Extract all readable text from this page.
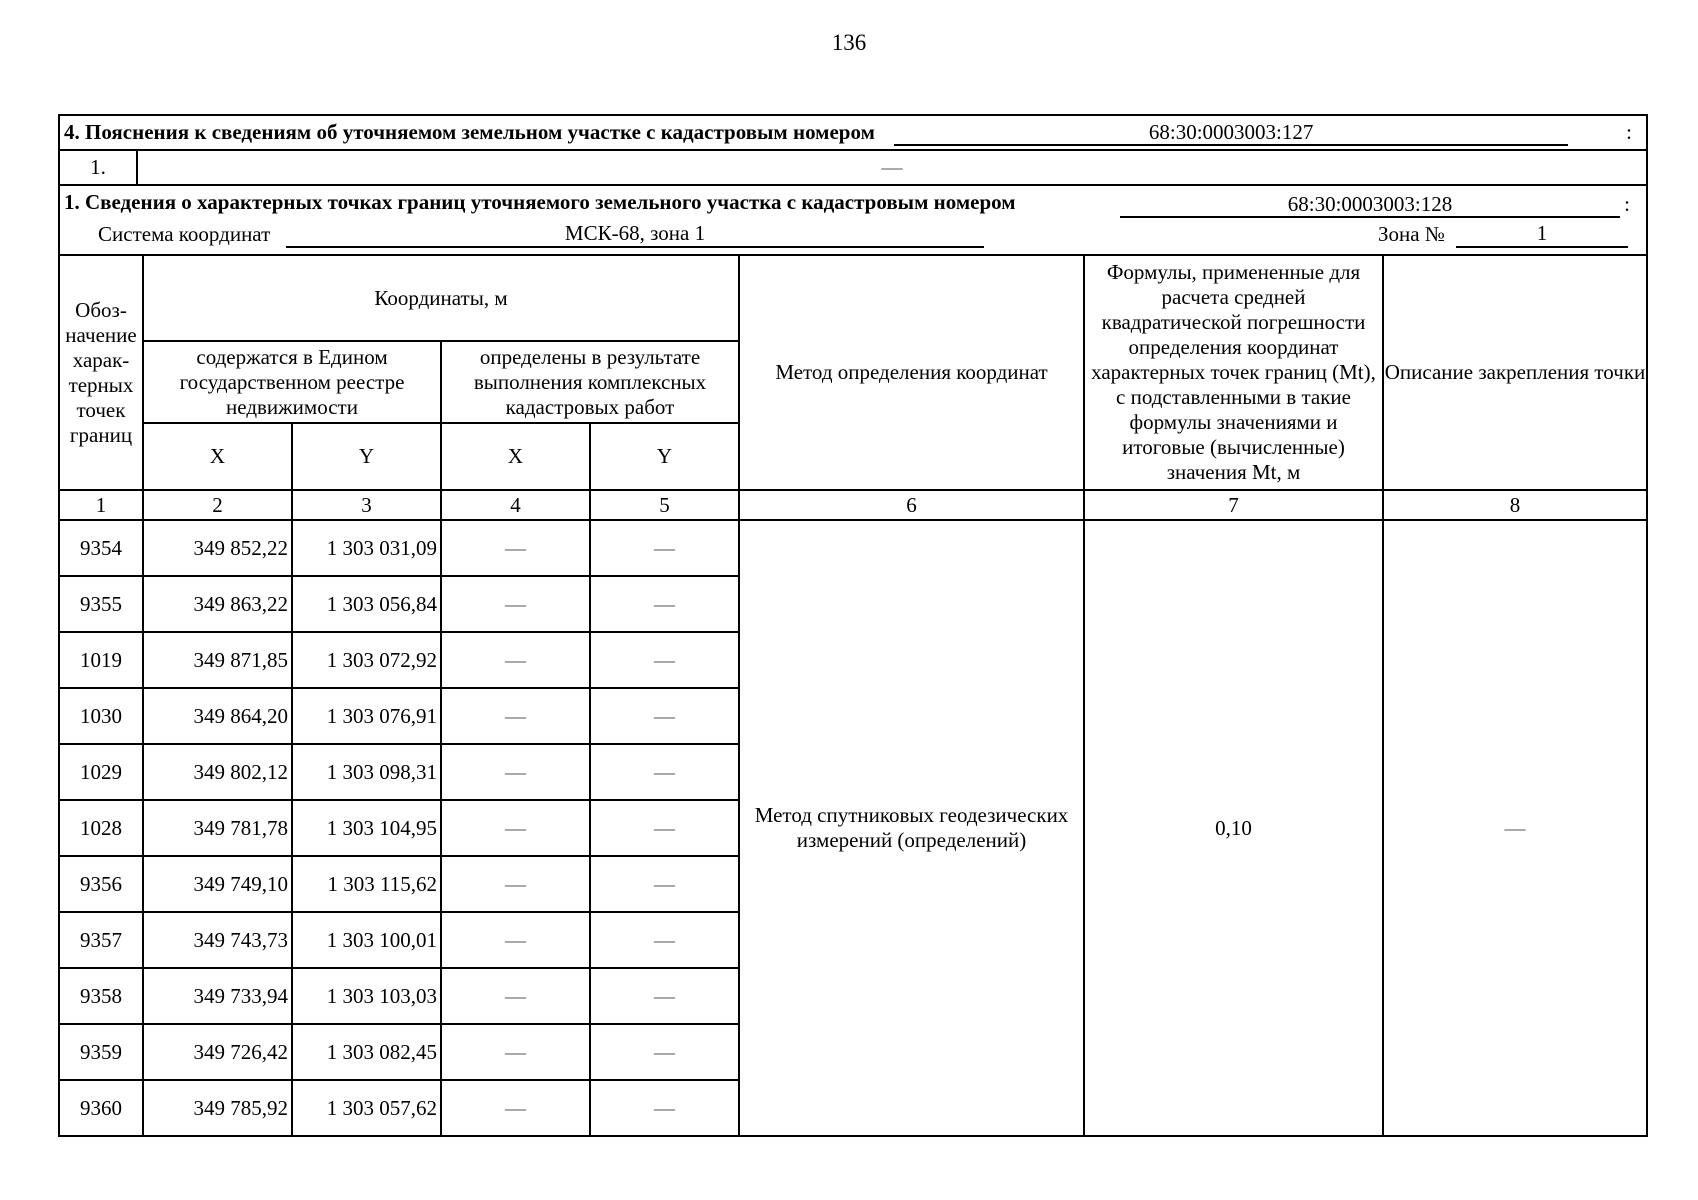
136
4. Пояснения к сведениям об уточняемом земельном участке с кадастровым номером	68:30:0003003:127	:

1.	—
1. Сведения о характерных точках границ уточняемого земельного участка с кадастровым номером	68:30:0003003:128	:
Система координат	МСК-68, зона 1	Зона №	1
Обоз-начение харак-терных точек границ	Координаты, м				Метод определения координат	Формулы, примененные для расчета средней квадратической погрешности определения координат характерных точек границ (Mt), с подставленными в такие формулы значениями и итоговые (вычисленные) значения Mt, м	Описание закрепления точки
	содержатся в Едином государственном реестре недвижимости		определены в результате выполнения комплексных кадастровых работ				
	X	Y	X	Y			
1	2	3	4	5	6	7	8
9354	349 852,22	1 303 031,09	—	—	Метод спутниковых геодезических измерений (определений)	0,10	—
9355	349 863,22	1 303 056,84	—	—			
1019	349 871,85	1 303 072,92	—	—			
1030	349 864,20	1 303 076,91	—	—			
1029	349 802,12	1 303 098,31	—	—			
1028	349 781,78	1 303 104,95	—	—			
9356	349 749,10	1 303 115,62	—	—			
9357	349 743,73	1 303 100,01	—	—			
9358	349 733,94	1 303 103,03	—	—			
9359	349 726,42	1 303 082,45	—	—			
9360	349 785,92	1 303 057,62	—	—			
